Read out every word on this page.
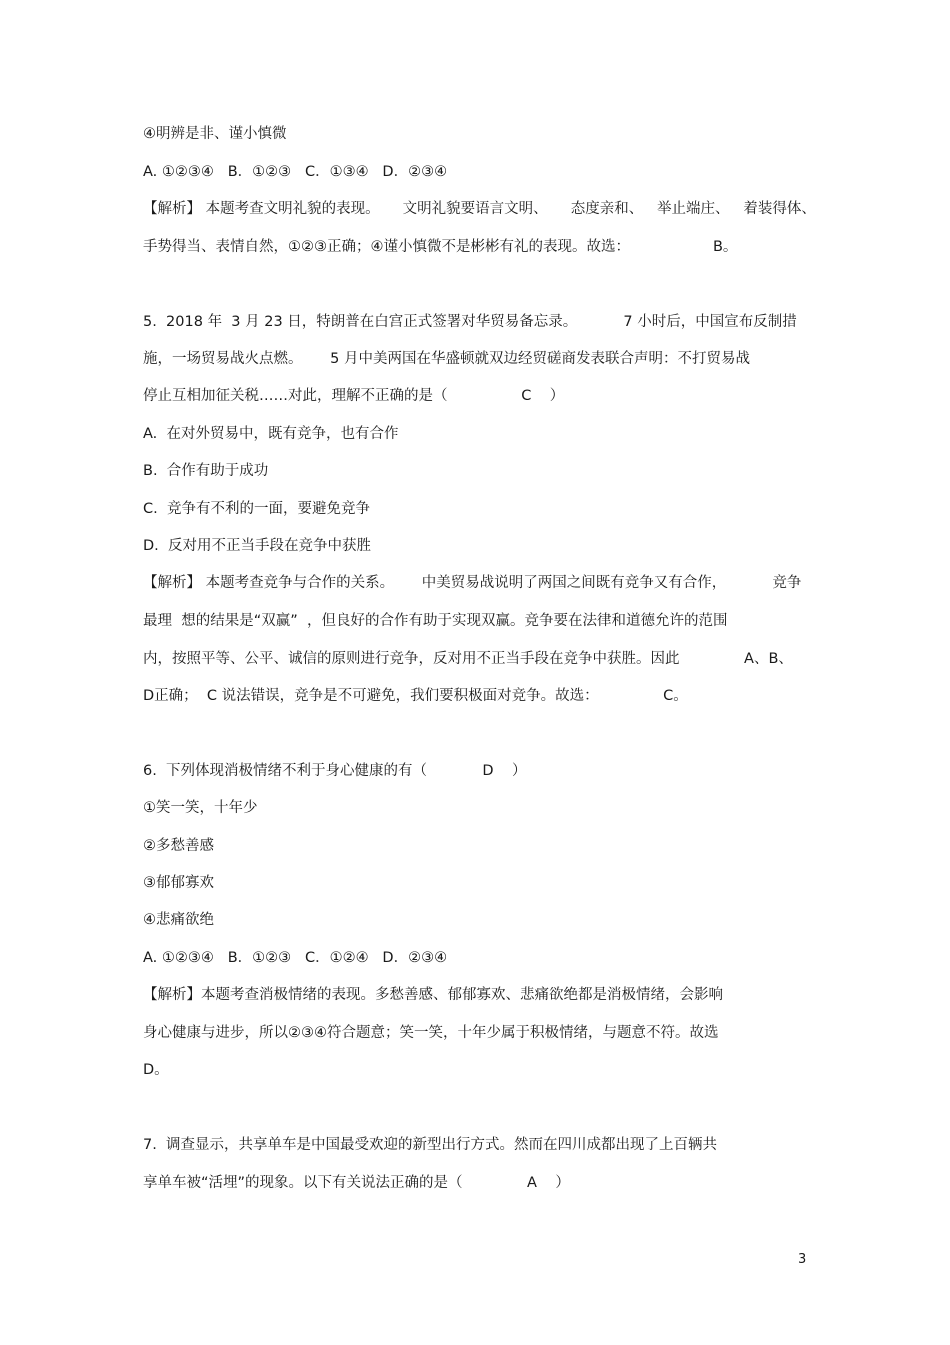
④明辨是非、谨小慎微
A. ①②③④   B．①②③   C．①③④   D．②③④
【解析】 本题考查文明礼貌的表现。     文明礼貌要语言文明、     态度亲和、   举止端庄、   着装得体、
手势得当、表情自然，①②③正确；④谨小慎微不是彬彬有礼的表现。故选：                  B。
5.  2018 年  3 月 23 日，特朗普在白宫正式签署对华贸易备忘录。          7 小时后，中国宣布反制措
施，一场贸易战火点燃。      5 月中美两国在华盛顿就双边经贸磋商发表联合声明：不打贸易战
停止互相加征关税……对此，理解不正确的是（                C    ）
A.  在对外贸易中，既有竞争，也有合作
B.  合作有助于成功
C.  竞争有不利的一面，要避免竞争
D.  反对用不正当手段在竞争中获胜
【解析】 本题考查竞争与合作的关系。      中美贸易战说明了两国之间既有竞争又有合作，          竞争
最理  想的结果是“双赢”  ，但良好的合作有助于实现双赢。竞争要在法律和道德允许的范围
内，按照平等、公平、诚信的原则进行竞争，反对用不正当手段在竞争中获胜。因此              A、B、
D正确；  C 说法错误，竞争是不可避免，我们要积极面对竞争。故选：              C。
6.  下列体现消极情绪不利于身心健康的有（            D    ）
①笑一笑，十年少
②多愁善感
③郁郁寡欢
④悲痛欲绝
A. ①②③④   B．①②③   C．①②④   D．②③④
【解析】本题考查消极情绪的表现。多愁善感、郁郁寡欢、悲痛欲绝都是消极情绪，会影响
身心健康与进步，所以②③④符合题意；笑一笑，十年少属于积极情绪，与题意不符。故选
D。
7.  调查显示，共享单车是中国最受欢迎的新型出行方式。然而在四川成都出现了上百辆共
享单车被“活埋”的现象。以下有关说法正确的是（              A    ）
3
